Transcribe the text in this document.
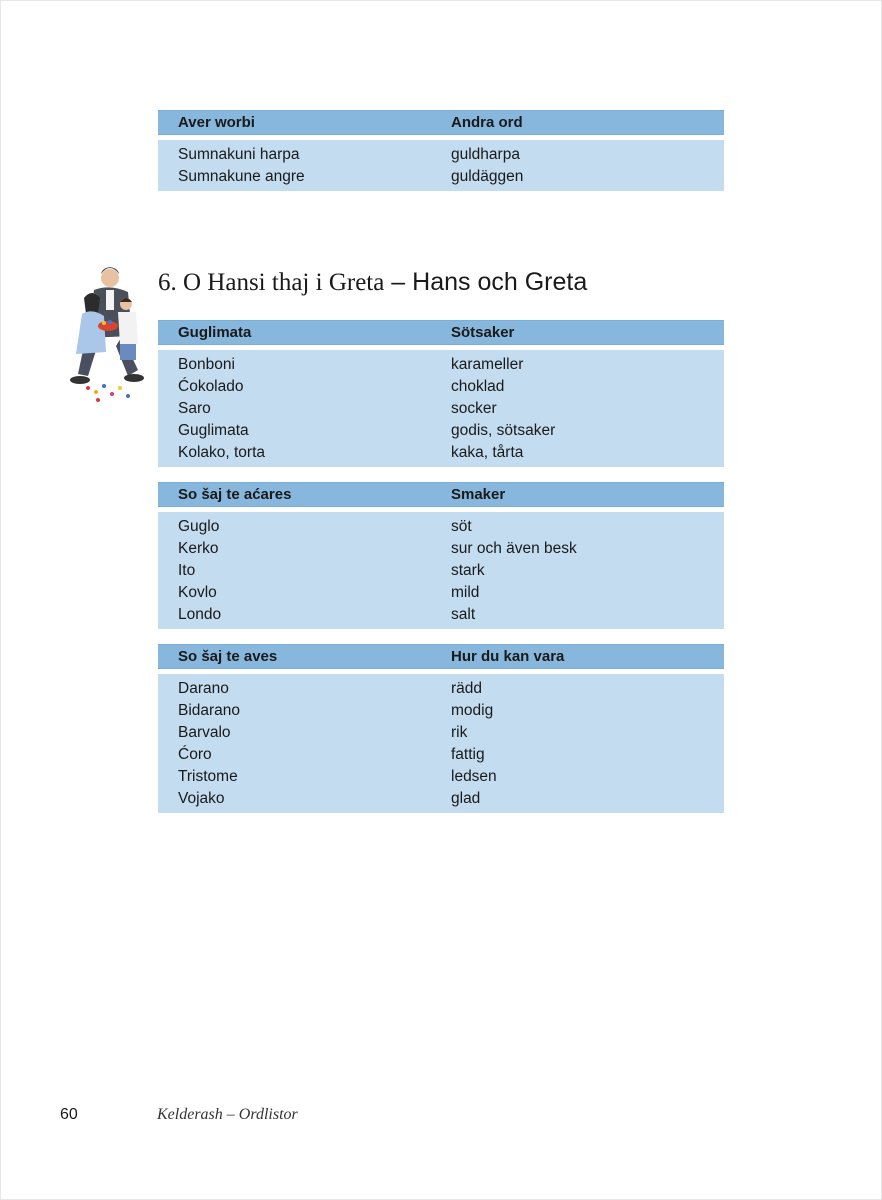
Aver worbi	Andra ord
Sumnakuni harpa	guldharpa
Sumnakune angre	guldäggen
6. O Hansi thaj i Greta – Hans och Greta
Guglimata	Sötsaker
Bonboni	karameller
Ćokolado	choklad
Saro	socker
Guglimata	godis, sötsaker
Kolako, torta	kaka, tårta
So šaj te aćares	Smaker
Guglo	söt
Kerko	sur och även besk
Ito	stark
Kovlo	mild
Londo	salt
So šaj te aves	Hur du kan vara
Darano	rädd
Bidarano	modig
Barvalo	rik
Ćoro	fattig
Tristome	ledsen
Vojako	glad
60	Kelderash – Ordlistor
